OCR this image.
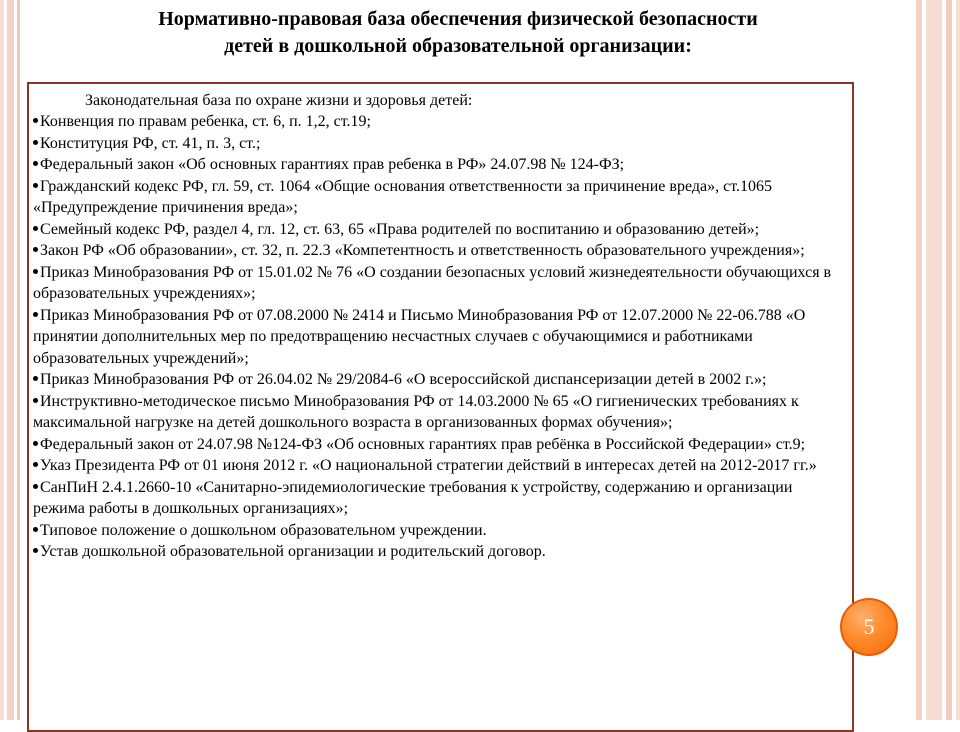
Нормативно-правовая база обеспечения физической безопасности
детей в дошкольной образовательной организации:

Законодательная база по охране жизни и здоровья детей:

Конвенция по правам ребенка, ст. 6, п. 1,2, ст.19;
Конституция РФ, ст. 41, п. 3, ст.;
Федеральный закон «Об основных гарантиях прав ребенка в РФ» 24.07.98 № 124-ФЗ;
Гражданский кодекс РФ, гл. 59, ст. 1064 «Общие основания ответственности за причинение вреда», ст.1065 «Предупреждение причинения вреда»;
Семейный кодекс РФ, раздел 4, гл. 12, ст. 63, 65 «Права родителей по воспитанию и образованию детей»;
Закон РФ «Об образовании», ст. 32, п. 22.3 «Компетентность и ответственность образовательного учреждения»;
Приказ Минобразования РФ от 15.01.02 № 76 «О создании безопасных условий жизнедеятельности обучающихся в образовательных учреждениях»;
Приказ Минобразования РФ от 07.08.2000 № 2414 и Письмо Минобразования РФ от 12.07.2000 № 22-06.788 «О принятии дополнительных мер по предотвращению несчастных случаев с обучающимися и работниками образовательных учреждений»;
Приказ Минобразования РФ от 26.04.02 № 29/2084-6 «О всероссийской диспансеризации детей в 2002 г.»;
Инструктивно-методическое письмо Минобразования РФ от 14.03.2000 № 65 «О гигиенических требованиях к максимальной нагрузке на детей дошкольного возраста в организованных формах обучения»;
Федеральный закон от 24.07.98 №124-ФЗ «Об основных гарантиях прав ребёнка в Российской Федерации» ст.9;
Указ Президента РФ от 01 июня 2012 г. «О национальной стратегии действий в интересах детей на 2012-2017 гг.»
СанПиН 2.4.1.2660-10 «Санитарно-эпидемиологические требования к устройству, содержанию и организации режима работы в дошкольных организациях»;
Типовое положение о дошкольном образовательном учреждении.
Устав дошкольной образовательной организации и родительский договор.
5
